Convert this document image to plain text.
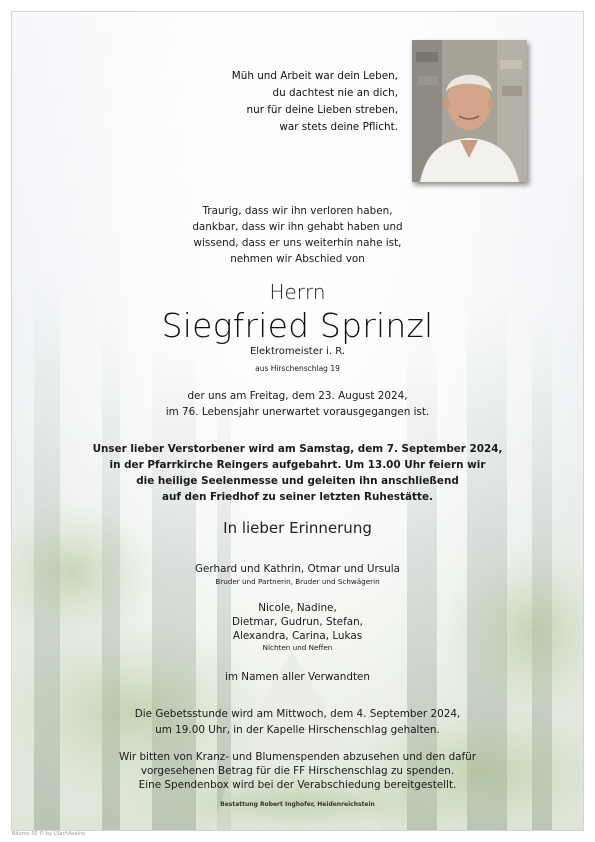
Müh und Arbeit war dein Leben,
du dachtest nie an dich,
nur für deine Lieben streben,
war stets deine Pflicht.
Traurig, dass wir ihn verloren haben,
dankbar, dass wir ihn gehabt haben und
wissend, dass er uns weiterhin nahe ist,
nehmen wir Abschied von
Herrn
Siegfried Sprinzl
Elektromeister i. R.
aus Hirschenschlag 19
der uns am Freitag, dem 23. August 2024,
im 76. Lebensjahr unerwartet vorausgegangen ist.
Unser lieber Verstorbener wird am Samstag, dem 7. September 2024,
in der Pfarrkirche Reingers aufgebahrt. Um 13.00 Uhr feiern wir
die heilige Seelenmesse und geleiten ihn anschließend
auf den Friedhof zu seiner letzten Ruhestätte.
In lieber Erinnerung
Gerhard und Kathrin, Otmar und Ursula
Bruder und Partnerin, Bruder und Schwägerin
Nicole, Nadine,
Dietmar, Gudrun, Stefan,
Alexandra, Carina, Lukas
Nichten und Neffen
im Namen aller Verwandten
Die Gebetsstunde wird am Mittwoch, dem 4. September 2024,
um 19.00 Uhr, in der Kapelle Hirschenschlag gehalten.
Wir bitten von Kranz- und Blumenspenden abzusehen und den dafür
vorgesehenen Betrag für die FF Hirschenschlag zu spenden.
Eine Spendenbox wird bei der Verabschiedung bereitgestellt.
Bestattung Robert Inghofer, Heidenreichstein
Bäume 50 © by LSachAvalno
